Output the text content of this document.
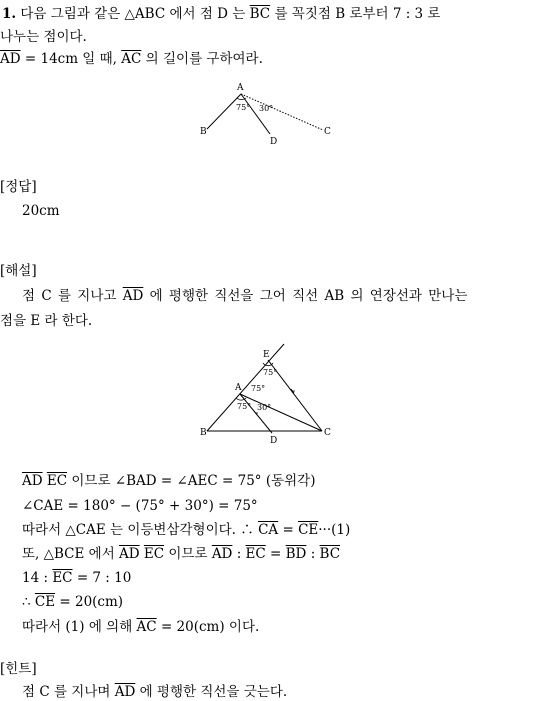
1. 다음 그림과 같은 △ABC 에서 점 D 는 $\overline{BC}$ 를 꼭짓점 B 로부터 7 : 3 로
나누는 점이다.
$\overline{AD} = 14cm$ 일 때, $\overline{AC}$ 의 길이를 구하여라.
A
B	C
D
75° 30°
[정답]
20cm
[해설]
점 C 를 지나고 $\overline{AD}$ 에 평행한 직선을 그어 직선 AB 의 연장선과 만나는
점을 E 라 한다.
E
A
B	C
D
75°
75°
75° 30°
$\overline{AD}$ $\overline{EC}$ 이므로 ∠BAD = ∠AEC = 75° (동위각)
∠CAE = 180° − (75° + 30°) = 75°
따라서 △CAE 는 이등변삼각형이다. ∴ $\overline{CA} = \overline{CE}\cdot\cdot\cdot(1)$
또, △BCE 에서 $\overline{AD}$ $\overline{EC}$ 이므로 $\overline{AD}$ : $\overline{EC} = \overline{BD}$ : $\overline{BC}$
14 : $\overline{EC} = 7$ : 10
∴ $\overline{CE} = 20(cm)$
따라서 (1) 에 의해 $\overline{AC} = 20(cm)$ 이다.
[힌트]
점 C 를 지나며 $\overline{AD}$ 에 평행한 직선을 긋는다.
